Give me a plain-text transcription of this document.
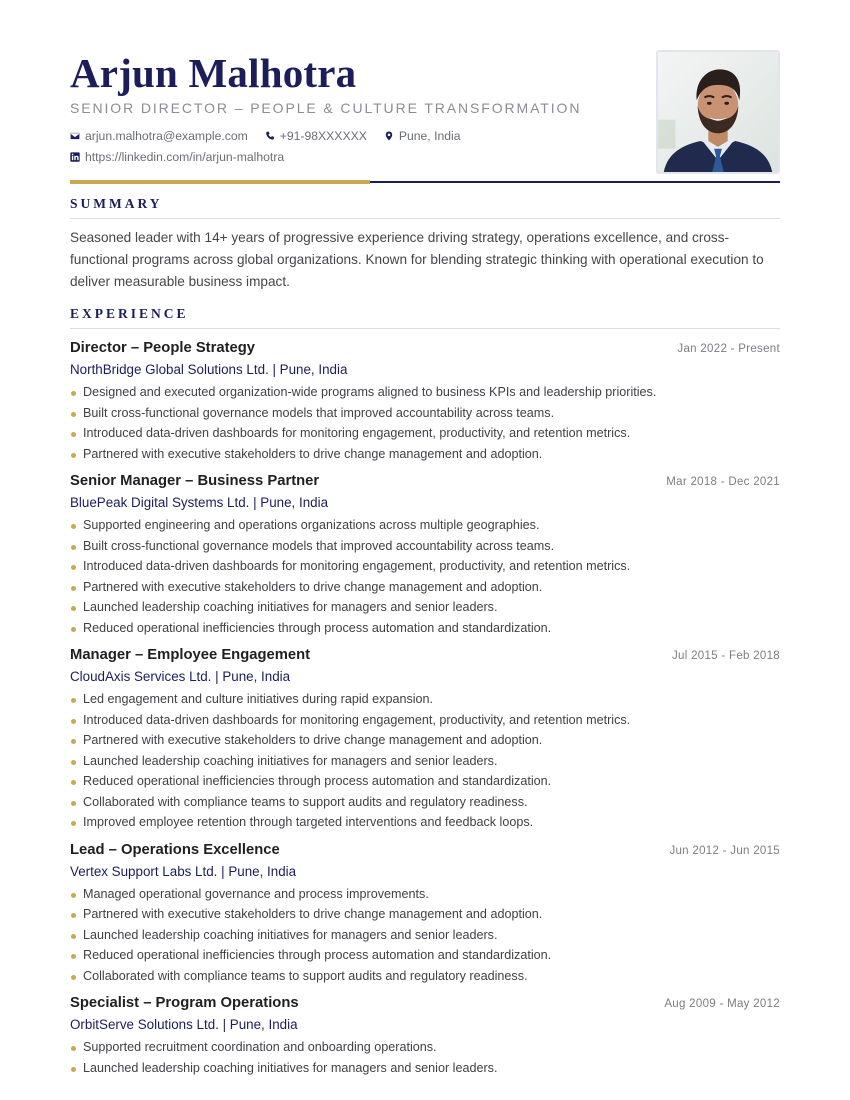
Arjun Malhotra
SENIOR DIRECTOR – PEOPLE & CULTURE TRANSFORMATION
arjun.malhotra@example.com	+91-98XXXXXX	Pune, India
https://linkedin.com/in/arjun-malhotra
SUMMARY

Seasoned leader with 14+ years of progressive experience driving strategy, operations excellence, and cross-functional programs across global organizations. Known for blending strategic thinking with operational execution to deliver measurable business impact.

EXPERIENCE
Director – People Strategy	Jan 2022 - Present
NorthBridge Global Solutions Ltd. | Pune, India
Designed and executed organization-wide programs aligned to business KPIs and leadership priorities.
Built cross-functional governance models that improved accountability across teams.
Introduced data-driven dashboards for monitoring engagement, productivity, and retention metrics.
Partnered with executive stakeholders to drive change management and adoption.
Senior Manager – Business Partner	Mar 2018 - Dec 2021
BluePeak Digital Systems Ltd. | Pune, India
Supported engineering and operations organizations across multiple geographies.
Built cross-functional governance models that improved accountability across teams.
Introduced data-driven dashboards for monitoring engagement, productivity, and retention metrics.
Partnered with executive stakeholders to drive change management and adoption.
Launched leadership coaching initiatives for managers and senior leaders.
Reduced operational inefficiencies through process automation and standardization.
Manager – Employee Engagement	Jul 2015 - Feb 2018
CloudAxis Services Ltd. | Pune, India
Led engagement and culture initiatives during rapid expansion.
Introduced data-driven dashboards for monitoring engagement, productivity, and retention metrics.
Partnered with executive stakeholders to drive change management and adoption.
Launched leadership coaching initiatives for managers and senior leaders.
Reduced operational inefficiencies through process automation and standardization.
Collaborated with compliance teams to support audits and regulatory readiness.
Improved employee retention through targeted interventions and feedback loops.
Lead – Operations Excellence	Jun 2012 - Jun 2015
Vertex Support Labs Ltd. | Pune, India
Managed operational governance and process improvements.
Partnered with executive stakeholders to drive change management and adoption.
Launched leadership coaching initiatives for managers and senior leaders.
Reduced operational inefficiencies through process automation and standardization.
Collaborated with compliance teams to support audits and regulatory readiness.
Specialist – Program Operations	Aug 2009 - May 2012
OrbitServe Solutions Ltd. | Pune, India
Supported recruitment coordination and onboarding operations.
Launched leadership coaching initiatives for managers and senior leaders.
